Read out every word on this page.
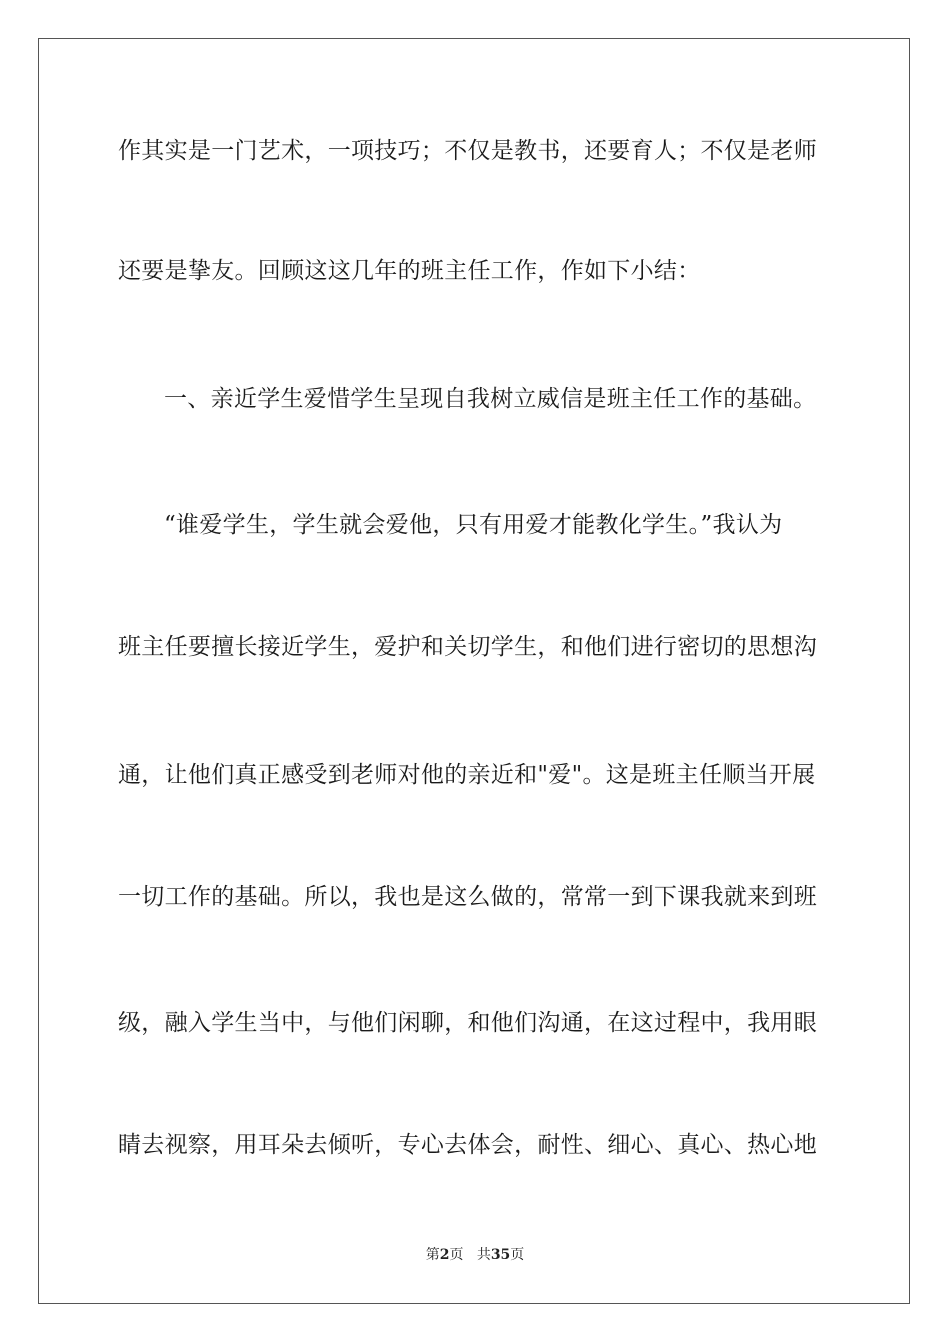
作其实是一门艺术，一项技巧；不仅是教书，还要育人；不仅是老师
还要是挚友。回顾这这几年的班主任工作，作如下小结：
一、亲近学生爱惜学生呈现自我树立威信是班主任工作的基础。
“谁爱学生，学生就会爱他，只有用爱才能教化学生。”我认为
班主任要擅长接近学生，爱护和关切学生，和他们进行密切的思想沟
通，让他们真正感受到老师对他的亲近和"爱"。这是班主任顺当开展
一切工作的基础。所以，我也是这么做的，常常一到下课我就来到班
级，融入学生当中，与他们闲聊，和他们沟通，在这过程中，我用眼
睛去视察，用耳朵去倾听，专心去体会，耐性、细心、真心、热心地
第2页 共35页
